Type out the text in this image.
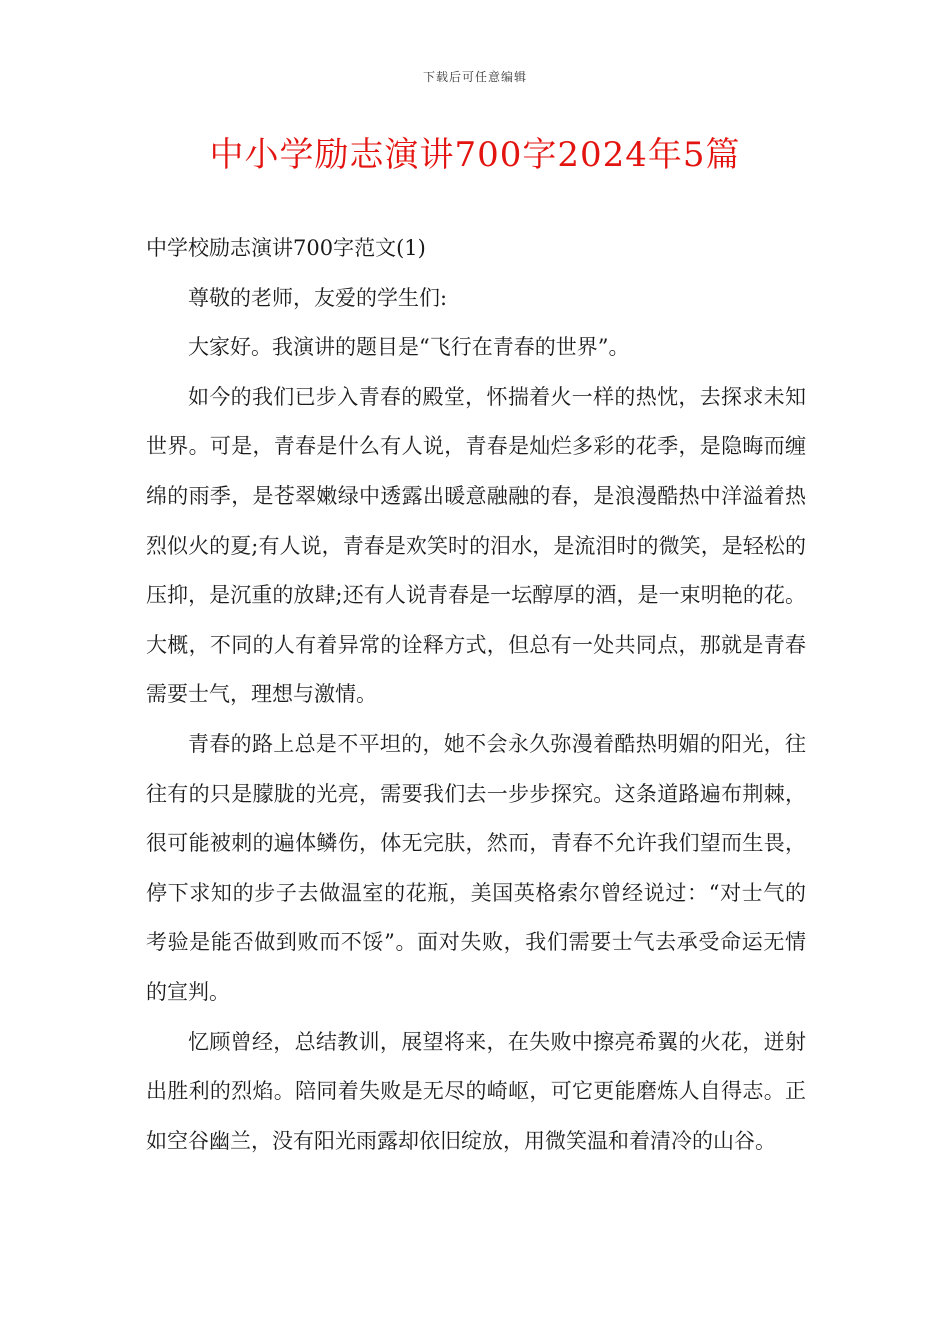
下载后可任意编辑
中小学励志演讲700字2024年5篇

中学校励志演讲700字范文(1)

尊敬的老师，友爱的学生们:

大家好。我演讲的题目是“飞行在青春的世界”。

如今的我们已步入青春的殿堂，怀揣着火一样的热忱，去探求未知世界。可是，青春是什么有人说，青春是灿烂多彩的花季，是隐晦而缠绵的雨季，是苍翠嫩绿中透露出暖意融融的春，是浪漫酷热中洋溢着热烈似火的夏;有人说，青春是欢笑时的泪水，是流泪时的微笑，是轻松的压抑，是沉重的放肆;还有人说青春是一坛醇厚的酒，是一束明艳的花。大概，不同的人有着异常的诠释方式，但总有一处共同点，那就是青春需要士气，理想与激情。

青春的路上总是不平坦的，她不会永久弥漫着酷热明媚的阳光，往往有的只是朦胧的光亮，需要我们去一步步探究。这条道路遍布荆棘，很可能被刺的遍体鳞伤，体无完肤，然而，青春不允许我们望而生畏，停下求知的步子去做温室的花瓶，美国英格索尔曾经说过：“对士气的考验是能否做到败而不馁”。面对失败，我们需要士气去承受命运无情的宣判。

忆顾曾经，总结教训，展望将来，在失败中擦亮希翼的火花，迸射出胜利的烈焰。陪同着失败是无尽的崎岖，可它更能磨炼人自得志。正如空谷幽兰，没有阳光雨露却依旧绽放，用微笑温和着清冷的山谷。
